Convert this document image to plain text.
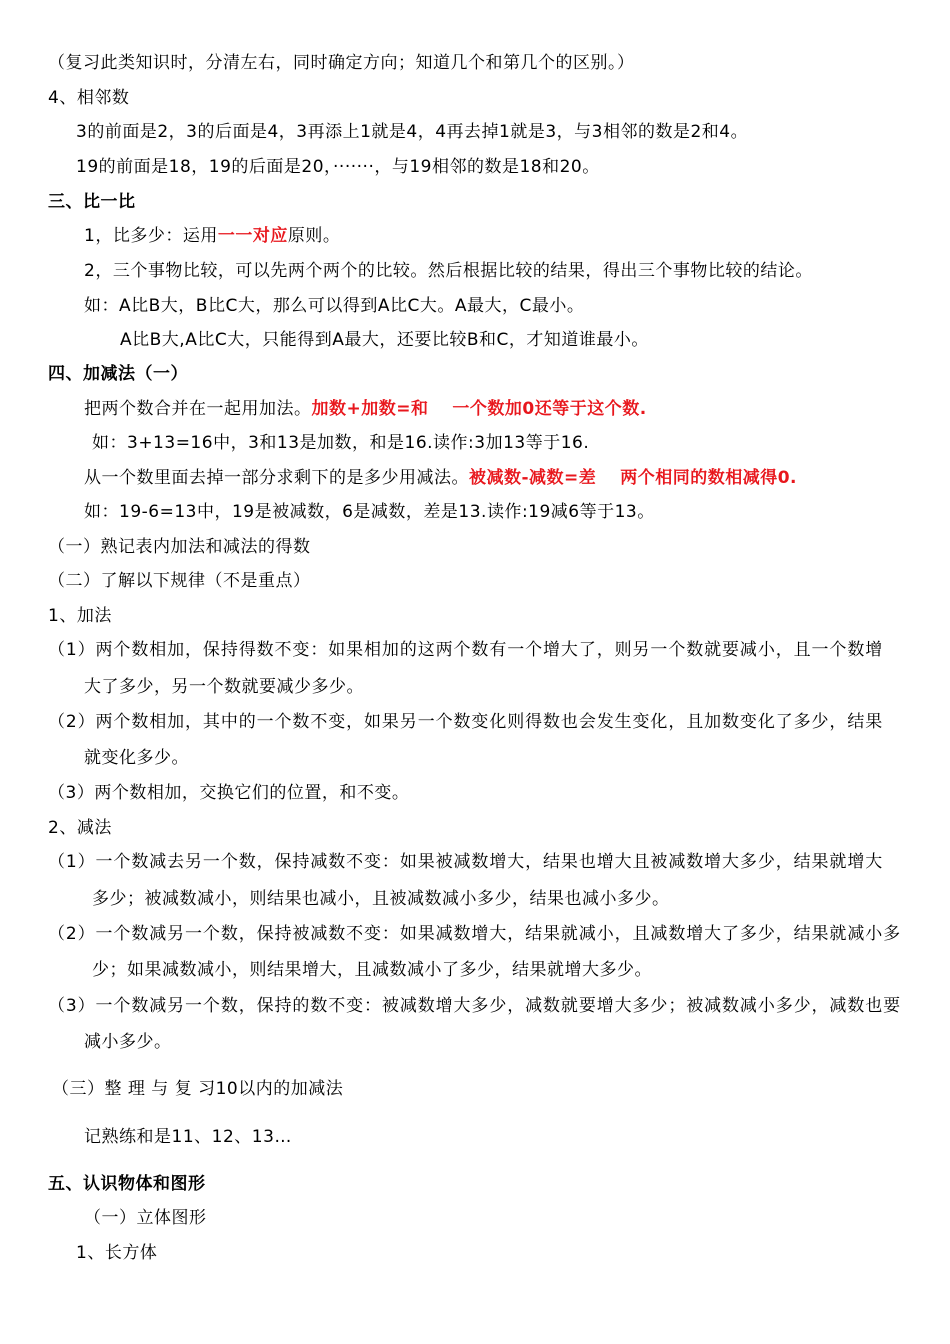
（复习此类知识时，分清左右，同时确定方向；知道几个和第几个的区别。）
4、相邻数
3的前面是2，3的后面是4，3再添上1就是4，4再去掉1就是3，与3相邻的数是2和4。
19的前面是18，19的后面是20，·······，与19相邻的数是18和20。
三、比一比
1，比多少：运用一一对应原则。
2，三个事物比较，可以先两个两个的比较。然后根据比较的结果，得出三个事物比较的结论。
如：A比B大，B比C大，那么可以得到A比C大。A最大，C最小。
A比B大,A比C大，只能得到A最大，还要比较B和C，才知道谁最小。
四、加减法（一）
把两个数合并在一起用加法。加数+加数=和　 一个数加0还等于这个数.
如：3+13=16中，3和13是加数，和是16.读作:3加13等于16.
从一个数里面去掉一部分求剩下的是多少用减法。被减数-减数=差　 两个相同的数相减得0.
如：19-6=13中，19是被减数，6是减数，差是13.读作:19减6等于13。
（一）熟记表内加法和减法的得数
（二）了解以下规律（不是重点）
1、加法
（1）两个数相加，保持得数不变：如果相加的这两个数有一个增大了，则另一个数就要减小，且一个数增
大了多少，另一个数就要减少多少。
（2）两个数相加，其中的一个数不变，如果另一个数变化则得数也会发生变化，且加数变化了多少，结果
就变化多少。
（3）两个数相加，交换它们的位置，和不变。
2、减法
（1）一个数减去另一个数，保持减数不变：如果被减数增大，结果也增大且被减数增大多少，结果就增大
多少；被减数减小，则结果也减小，且被减数减小多少，结果也减小多少。
（2）一个数减另一个数，保持被减数不变：如果减数增大，结果就减小，且减数增大了多少，结果就减小多
少；如果减数减小，则结果增大，且减数减小了多少，结果就增大多少。
（3）一个数减另一个数，保持的数不变：被减数增大多少，减数就要增大多少；被减数减小多少，减数也要
减小多少。
（三）整 理 与 复 习10以内的加减法
记熟练和是11、12、13…
五、认识物体和图形
（一）立体图形
1、长方体
